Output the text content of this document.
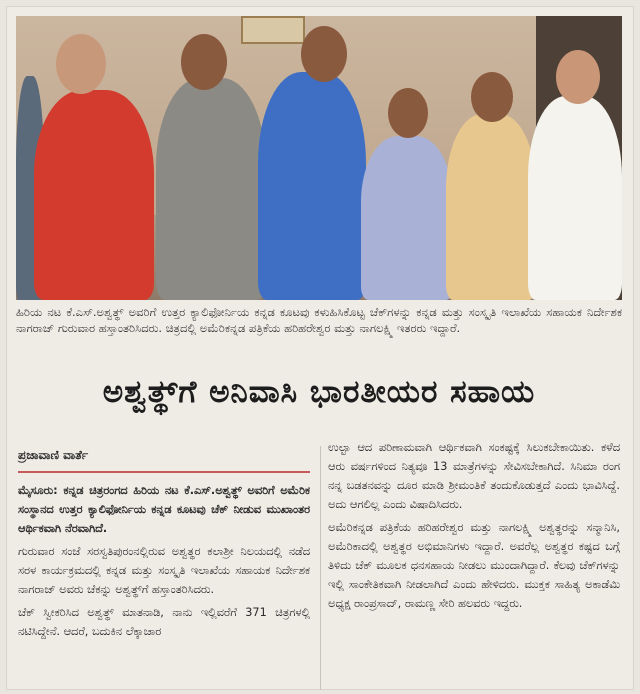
ಹಿರಿಯ ನಟ ಕೆ.ಎಸ್.ಅಶ್ವತ್ಥ್ ಅವರಿಗೆ ಉತ್ತರ ಕ್ಯಾಲಿಫೋರ್ನಿಯ ಕನ್ನಡ ಕೂಟವು ಕಳುಹಿಸಿಕೊಟ್ಟ ಚೆಕ್‌ಗಳನ್ನು ಕನ್ನಡ ಮತ್ತು ಸಂಸ್ಕೃತಿ ಇಲಾಖೆಯ ಸಹಾಯಕ ನಿರ್ದೇಶಕ ನಾಗರಾಜ್ ಗುರುವಾರ ಹಸ್ತಾಂತರಿಸಿದರು. ಚಿತ್ರದಲ್ಲಿ ಅಮೆರಿಕನ್ನಡ ಪತ್ರಿಕೆಯ ಹರಿಹರೇಶ್ವರ ಮತ್ತು ನಾಗಲಕ್ಷ್ಮಿ ಇತರರು ಇದ್ದಾರೆ.
ಅಶ್ವತ್ಥ್‌ಗೆ ಅನಿವಾಸಿ ಭಾರತೀಯರ ಸಹಾಯ
ಪ್ರಜಾವಾಣಿ ವಾರ್ತೆ

ಮೈಸೂರು: ಕನ್ನಡ ಚಿತ್ರರಂಗದ ಹಿರಿಯ ನಟ ಕೆ.ಎಸ್.ಅಶ್ವತ್ಥ್ ಅವರಿಗೆ ಅಮೆರಿಕ ಸಂಸ್ಥಾನದ ಉತ್ತರ ಕ್ಯಾಲಿಫೋರ್ನಿಯ ಕನ್ನಡ ಕೂಟವು ಚೆಕ್ ನೀಡುವ ಮುಖಾಂತರ ಆರ್ಥಿಕವಾಗಿ ನೆರವಾಗಿದೆ.

ಗುರುವಾರ ಸಂಜೆ ಸರಸ್ವತಿಪುರಂನಲ್ಲಿರುವ ಅಶ್ವತ್ಥರ ಕಲಾಶ್ರೀ ನಿಲಯದಲ್ಲಿ ನಡೆದ ಸರಳ ಕಾರ್ಯಕ್ರಮದಲ್ಲಿ ಕನ್ನಡ ಮತ್ತು ಸಂಸ್ಕೃತಿ ಇಲಾಖೆಯ ಸಹಾಯಕ ನಿರ್ದೇಶಕ ನಾಗರಾಜ್ ಅವರು ಚೆಕನ್ನು ಅಶ್ವತ್ಥ್‌ಗೆ ಹಸ್ತಾಂತರಿಸಿದರು.

ಚೆಕ್ ಸ್ವೀಕರಿಸಿದ ಅಶ್ವತ್ಥ್ ಮಾತನಾಡಿ, ನಾನು ಇಲ್ಲಿವರೆಗೆ 371 ಚಿತ್ರಗಳಲ್ಲಿ ನಟಿಸಿದ್ದೇನೆ. ಆದರೆ, ಬದುಕಿನ ಲೆಕ್ಕಾಚಾರ

ಉಲ್ಟಾ ಆದ ಪರಿಣಾಮವಾಗಿ ಆರ್ಥಿಕವಾಗಿ ಸಂಕಷ್ಟಕ್ಕೆ ಸಿಲುಕಬೇಕಾಯಿತು. ಕಳೆದ ಆರು ವರ್ಷಗಳಿಂದ ನಿತ್ಯವೂ 13 ಮಾತ್ರೆಗಳನ್ನು ಸೇವಿಸಬೇಕಾಗಿದೆ. ಸಿನಿಮಾ ರಂಗ ನನ್ನ ಬಡತನವನ್ನು ದೂರ ಮಾಡಿ ಶ್ರೀಮಂತಿಕೆ ತಂದುಕೊಡುತ್ತದೆ ಎಂದು ಭಾವಿಸಿದ್ದೆ. ಅದು ಆಗಲಿಲ್ಲ ಎಂದು ವಿಷಾದಿಸಿದರು.

ಅಮೆರಿಕನ್ನಡ ಪತ್ರಿಕೆಯ ಹರಿಹರೇಶ್ವರ ಮತ್ತು ನಾಗಲಕ್ಷ್ಮಿ ಅಶ್ವತ್ಥರನ್ನು ಸನ್ಮಾನಿಸಿ, ಅಮೆರಿಕಾದಲ್ಲಿ ಅಶ್ವತ್ಥರ ಅಭಿಮಾನಿಗಳು ಇದ್ದಾರೆ. ಅವರೆಲ್ಲ ಅಶ್ವತ್ಥರ ಕಷ್ಟದ ಬಗ್ಗೆ ತಿಳಿದು ಚೆಕ್ ಮೂಲಕ ಧನಸಹಾಯ ನೀಡಲು ಮುಂದಾಗಿದ್ದಾರೆ. ಕೆಲವು ಚೆಕ್‌ಗಳನ್ನು ಇಲ್ಲಿ ಸಾಂಕೇತಿಕವಾಗಿ ನೀಡಲಾಗಿದೆ ಎಂದು ಹೇಳಿದರು. ಮುಕ್ತಕ ಸಾಹಿತ್ಯ ಅಕಾಡೆಮಿ ಅಧ್ಯಕ್ಷ ರಾಂಪ್ರಸಾದ್, ರಾಮಣ್ಣ ಸೇರಿ ಹಲವರು ಇದ್ದರು.
